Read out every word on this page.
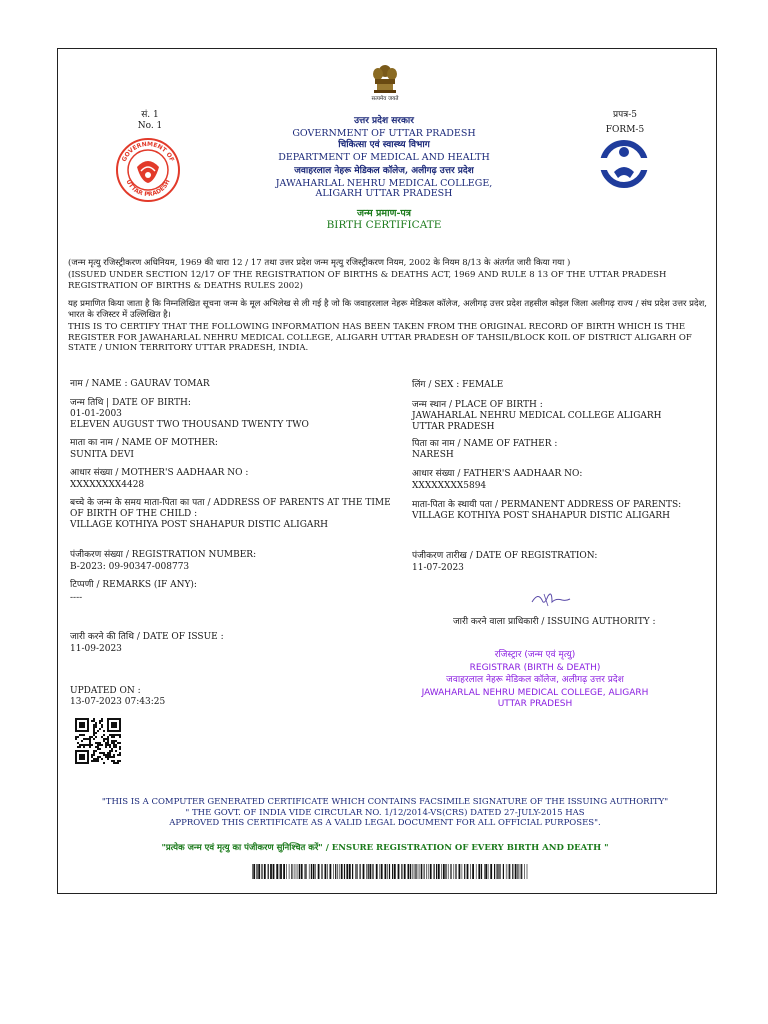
सत्यमेव जयते
सं. 1
No. 1
प्रपत्र-5
FORM-5
GOVERNMENT OF
UTTAR PRADESH
उत्तर प्रदेश सरकार
GOVERNMENT OF UTTAR PRADESH
चिकित्सा एवं स्वास्थ्य विभाग
DEPARTMENT OF MEDICAL AND HEALTH
जवाहरलाल नेहरू मेडिकल कॉलेज, अलीगढ़ उत्तर प्रदेश
JAWAHARLAL NEHRU MEDICAL COLLEGE,
ALIGARH UTTAR PRADESH
जन्म प्रमाण-पत्र
BIRTH CERTIFICATE
(जन्म मृत्यु रजिस्ट्रीकरण अधिनियम, 1969 की धारा 12 / 17 तथा उत्तर प्रदेश जन्म मृत्यु रजिस्ट्रीकरण नियम, 2002 के नियम 8/13 के अंतर्गत जारी किया गया )
(ISSUED UNDER SECTION 12/17 OF THE REGISTRATION OF BIRTHS & DEATHS ACT, 1969 AND RULE 8 13 OF THE UTTAR PRADESH REGISTRATION OF BIRTHS & DEATHS RULES 2002)
यह प्रमाणित किया जाता है कि निम्नलिखित सूचना जन्म के मूल अभिलेख से ली गई है जो कि जवाहरलाल नेहरू मेडिकल कॉलेज, अलीगढ़ उत्तर प्रदेश तहसील कोइल जिला अलीगढ़ राज्य / संघ प्रदेश उत्तर प्रदेश, भारत के रजिस्टर में उल्लिखित है।
THIS IS TO CERTIFY THAT THE FOLLOWING INFORMATION HAS BEEN TAKEN FROM THE ORIGINAL RECORD OF BIRTH WHICH IS THE REGISTER FOR JAWAHARLAL NEHRU MEDICAL COLLEGE, ALIGARH UTTAR PRADESH OF TAHSIL/BLOCK KOIL OF DISTRICT ALIGARH OF STATE / UNION TERRITORY UTTAR PRADESH, INDIA.
नाम / NAME : GAURAV TOMAR	लिंग / SEX : FEMALE
जन्म तिथि | DATE OF BIRTH:
01-01-2003
ELEVEN AUGUST TWO THOUSAND TWENTY TWO
जन्म स्थान / PLACE OF BIRTH :
JAWAHARLAL NEHRU MEDICAL COLLEGE ALIGARH UTTAR PRADESH
माता का नाम / NAME OF MOTHER:
SUNITA DEVI
पिता का नाम / NAME OF FATHER :
NARESH
आधार संख्या / MOTHER'S AADHAAR NO :
XXXXXXXX4428
आधार संख्या / FATHER'S AADHAAR NO:
XXXXXXXX5894
बच्चे के जन्म के समय माता-पिता का पता / ADDRESS OF PARENTS AT THE TIME OF BIRTH OF THE CHILD :
VILLAGE KOTHIYA POST SHAHAPUR DISTIC ALIGARH
माता-पिता के स्थायी पता / PERMANENT ADDRESS OF PARENTS:
VILLAGE KOTHIYA POST SHAHAPUR DISTIC ALIGARH
पंजीकरण संख्या / REGISTRATION NUMBER:
B-2023: 09-90347-008773
पंजीकरण तारीख / DATE OF REGISTRATION:
11-07-2023
टिप्पणी / REMARKS (IF ANY):
----
जारी करने वाला प्राधिकारी / ISSUING AUTHORITY :
जारी करने की तिथि / DATE OF ISSUE :
11-09-2023
रजिस्ट्रार (जन्म एवं मृत्यु)
REGISTRAR (BIRTH & DEATH)
जवाहरलाल नेहरू मेडिकल कॉलेज, अलीगढ़ उत्तर प्रदेश
JAWAHARLAL NEHRU MEDICAL COLLEGE, ALIGARH
UTTAR PRADESH
UPDATED ON :
13-07-2023 07:43:25
"THIS IS A COMPUTER GENERATED CERTIFICATE WHICH CONTAINS FACSIMILE SIGNATURE OF THE ISSUING AUTHORITY"
" THE GOVT. OF INDIA VIDE CIRCULAR NO. 1/12/2014-VS(CRS) DATED 27-JULY-2015 HAS
APPROVED THIS CERTIFICATE AS A VALID LEGAL DOCUMENT FOR ALL OFFICIAL PURPOSES".
"प्रत्येक जन्म एवं मृत्यु का पंजीकरण सुनिश्चित करें" / ENSURE REGISTRATION OF EVERY BIRTH AND DEATH "
